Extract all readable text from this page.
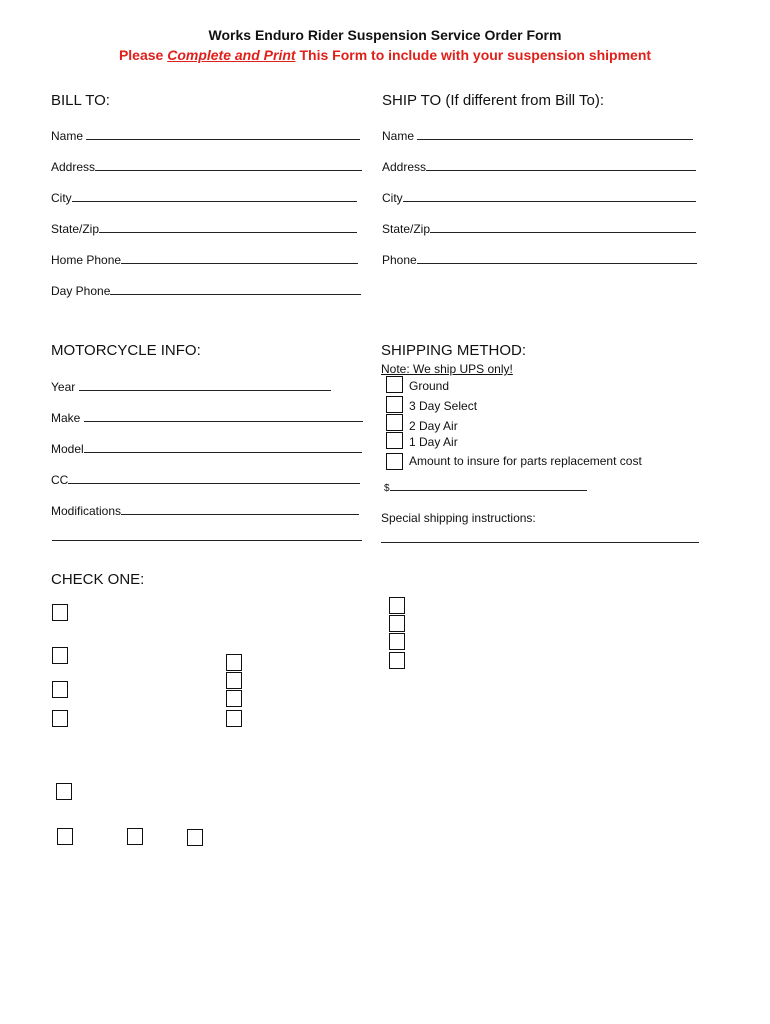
Works Enduro Rider Suspension Service Order Form
Please Complete and Print This Form to include with your suspension shipment
BILL TO:
Name
Address
City
State/Zip
Home Phone
Day Phone
SHIP TO (If different from Bill To):
Name
Address
City
State/Zip
Phone
MOTORCYCLE INFO:
Year
Make
Model
CC
Modifications
SHIPPING METHOD:
Note: We ship UPS only!
Ground
3 Day Select
2 Day Air
1 Day Air
Amount to insure for parts replacement cost
$
Special shipping instructions:
CHECK ONE:
